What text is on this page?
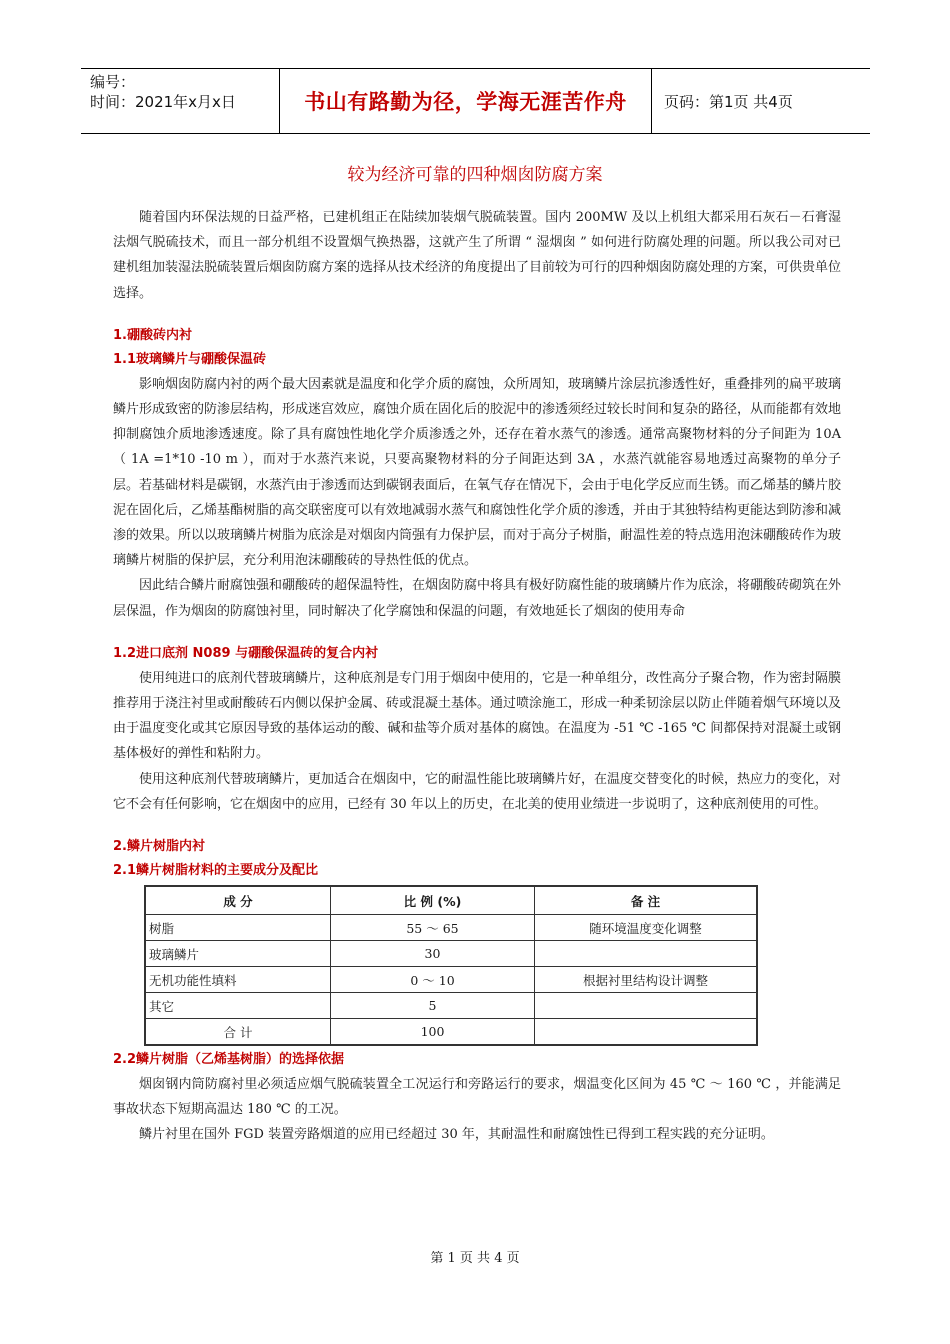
编号：
时间：2021年x月x日	书山有路勤为径，学海无涯苦作舟	页码：第1页 共4页
较为经济可靠的四种烟囱防腐方案

随着国内环保法规的日益严格，已建机组正在陆续加装烟气脱硫装置。国内 200MW 及以上机组大都采用石灰石－石膏湿法烟气脱硫技术，而且一部分机组不设置烟气换热器，这就产生了所谓 “ 湿烟囱 ” 如何进行防腐处理的问题。所以我公司对已建机组加装湿法脱硫装置后烟囱防腐方案的选择从技术经济的角度提出了目前较为可行的四种烟囱防腐处理的方案，可供贵单位选择。

1.硼酸砖内衬

1.1玻璃鳞片与硼酸保温砖

影响烟囱防腐内衬的两个最大因素就是温度和化学介质的腐蚀，众所周知，玻璃鳞片涂层抗渗透性好，重叠排列的扁平玻璃鳞片形成致密的防渗层结构，形成迷宫效应，腐蚀介质在固化后的胶泥中的渗透须经过较长时间和复杂的路径，从而能都有效地抑制腐蚀介质地渗透速度。除了具有腐蚀性地化学介质渗透之外，还存在着水蒸气的渗透。通常高聚物材料的分子间距为 10A（ 1A =1*10 -10 m ），而对于水蒸汽来说，只要高聚物材料的分子间距达到 3A ，水蒸汽就能容易地透过高聚物的单分子层。若基础材料是碳钢，水蒸汽由于渗透而达到碳钢表面后，在氧气存在情况下，会由于电化学反应而生锈。而乙烯基的鳞片胶泥在固化后，乙烯基酯树脂的高交联密度可以有效地减弱水蒸气和腐蚀性化学介质的渗透，并由于其独特结构更能达到防渗和减渗的效果。所以以玻璃鳞片树脂为底涂是对烟囱内筒强有力保护层，而对于高分子树脂，耐温性差的特点选用泡沫硼酸砖作为玻璃鳞片树脂的保护层，充分利用泡沫硼酸砖的导热性低的优点。

因此结合鳞片耐腐蚀强和硼酸砖的超保温特性，在烟囱防腐中将具有极好防腐性能的玻璃鳞片作为底涂，将硼酸砖砌筑在外层保温，作为烟囱的防腐蚀衬里，同时解决了化学腐蚀和保温的问题，有效地延长了烟囱的使用寿命

1.2进口底剂 N089 与硼酸保温砖的复合内衬

使用纯进口的底剂代替玻璃鳞片，这种底剂是专门用于烟囱中使用的，它是一种单组分，改性高分子聚合物，作为密封隔膜推荐用于浇注衬里或耐酸砖石内侧以保护金属、砖或混凝土基体。通过喷涂施工，形成一种柔韧涂层以防止伴随着烟气环境以及由于温度变化或其它原因导致的基体运动的酸、碱和盐等介质对基体的腐蚀。在温度为 -51 ℃ -165 ℃ 间都保持对混凝土或钢基体极好的弹性和粘附力。

使用这种底剂代替玻璃鳞片，更加适合在烟囱中，它的耐温性能比玻璃鳞片好，在温度交替变化的时候，热应力的变化，对它不会有任何影响，它在烟囱中的应用，已经有 30 年以上的历史，在北美的使用业绩进一步说明了，这种底剂使用的可性。

2.鳞片树脂内衬

2.1鳞片树脂材料的主要成分及配比

成 分	比 例 (%)	备 注
树脂	55 ～ 65	随环境温度变化调整
玻璃鳞片	30	
无机功能性填料	0 ～ 10	根据衬里结构设计调整
其它	5	
合 计	100	

2.2鳞片树脂（乙烯基树脂）的选择依据

烟囱钢内筒防腐衬里必须适应烟气脱硫装置全工况运行和旁路运行的要求，烟温变化区间为 45 ℃ ～ 160 ℃ ，并能满足事故状态下短期高温达 180 ℃ 的工况。

鳞片衬里在国外 FGD 装置旁路烟道的应用已经超过 30 年，其耐温性和耐腐蚀性已得到工程实践的充分证明。

第 1 页 共 4 页
